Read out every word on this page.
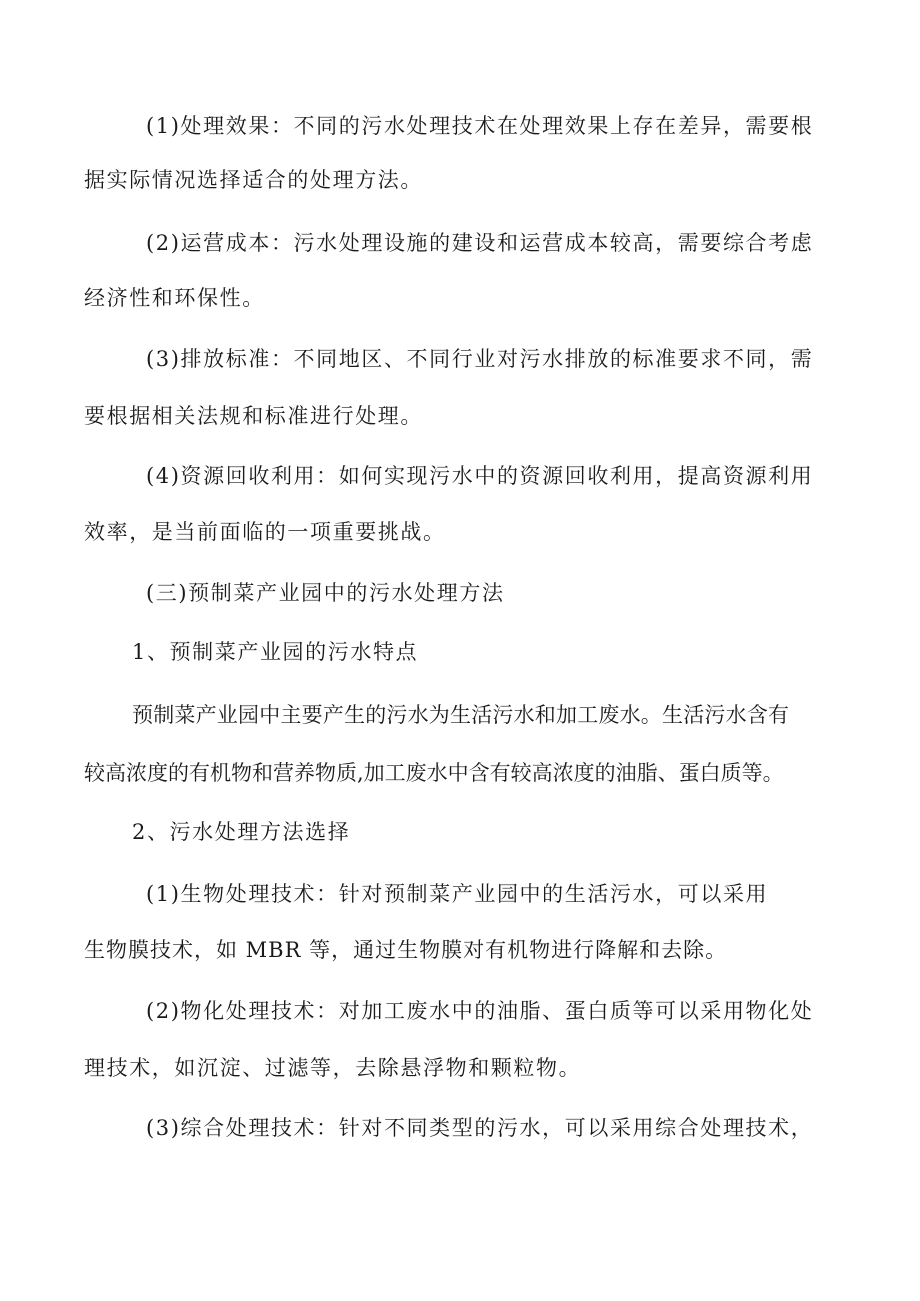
(1)处理效果：不同的污水处理技术在处理效果上存在差异，需要根
据实际情况选择适合的处理方法。
(2)运营成本：污水处理设施的建设和运营成本较高，需要综合考虑
经济性和环保性。
(3)排放标准：不同地区、不同行业对污水排放的标准要求不同，需
要根据相关法规和标准进行处理。
(4)资源回收利用：如何实现污水中的资源回收利用，提高资源利用
效率，是当前面临的一项重要挑战。
(三)预制菜产业园中的污水处理方法
1、预制菜产业园的污水特点
预制菜产业园中主要产生的污水为生活污水和加工废水。生活污水含有
较高浓度的有机物和营养物质,加工废水中含有较高浓度的油脂、蛋白质等。
2、污水处理方法选择
(1)生物处理技术：针对预制菜产业园中的生活污水，可以采用
生物膜技术，如 MBR 等，通过生物膜对有机物进行降解和去除。
(2)物化处理技术：对加工废水中的油脂、蛋白质等可以采用物化处
理技术，如沉淀、过滤等，去除悬浮物和颗粒物。
(3)综合处理技术：针对不同类型的污水，可以采用综合处理技术，
